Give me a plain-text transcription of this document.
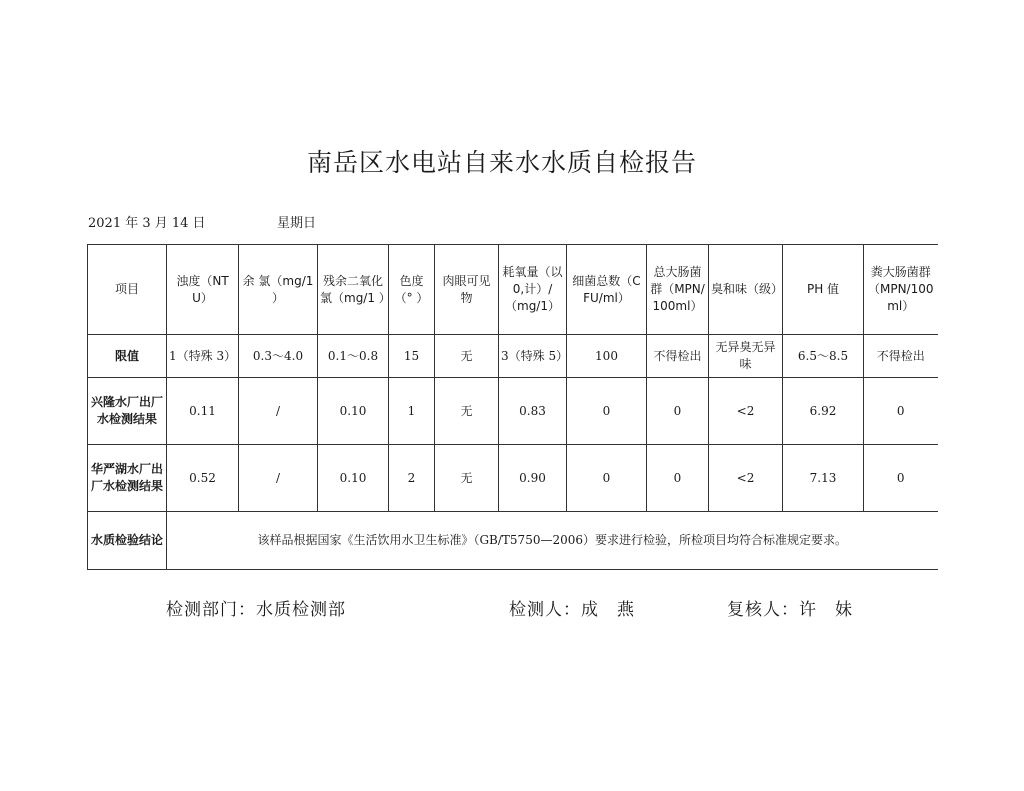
南岳区水电站自来水水质自检报告
2021 年 3 月 14 日	星期日
项目	浊度（NTU）	余 氯（mg/1 ）	残余二氧化氯（mg/1 ）	色度（° ）	肉眼可见物	耗氧量（以 0,计）/（mg/1）	细菌总数（CFU/ml）	总大肠菌群（MPN/100ml）	臭和味（级）	PH 值	粪大肠菌群（MPN/100ml）
限值	1（特殊 3）	0.3～4.0	0.1～0.8	15	无	3（特殊 5）	100	不得检出	无异臭无异味	6.5～8.5	不得检出
兴隆水厂出厂水检测结果	0.11	/	0.10	1	无	0.83	0	0	<2	6.92	0
华严湖水厂出厂水检测结果	0.52	/	0.10	2	无	0.90	0	0	<2	7.13	0
水质检验结论	该样品根据国家《生活饮用水卫生标准》（GB/T5750—2006）要求进行检验，所检项目均符合标准规定要求。										
检测部门：水质检测部	检测人：成　燕	复核人：许　妹
